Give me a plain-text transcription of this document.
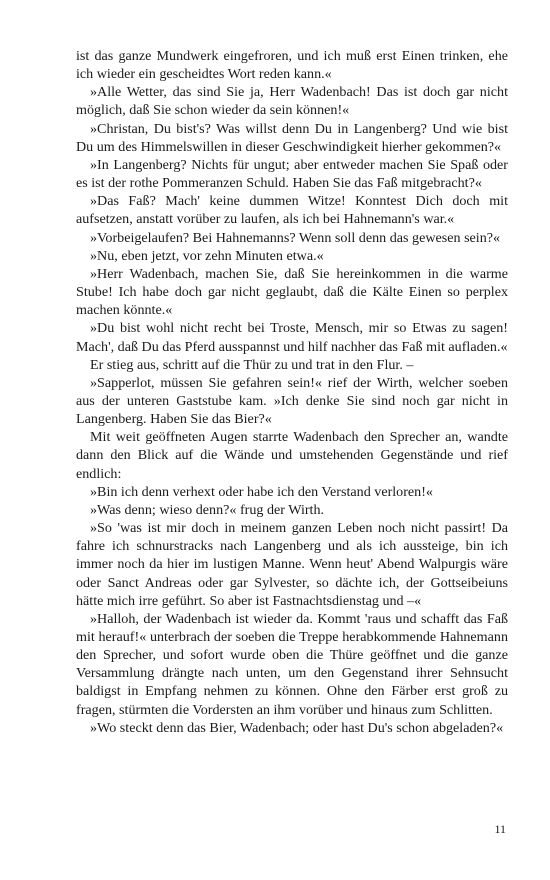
ist das ganze Mundwerk eingefroren, und ich muß erst Einen trinken, ehe ich wieder ein gescheidtes Wort reden kann.«

»Alle Wetter, das sind Sie ja, Herr Wadenbach! Das ist doch gar nicht möglich, daß Sie schon wieder da sein können!«

»Christan, Du bist's? Was willst denn Du in Langenberg? Und wie bist Du um des Himmelswillen in dieser Geschwindigkeit hierher gekommen?«

»In Langenberg? Nichts für ungut; aber entweder machen Sie Spaß oder es ist der rothe Pommeranzen Schuld. Haben Sie das Faß mitgebracht?«

»Das Faß? Mach' keine dummen Witze! Konntest Dich doch mit aufsetzen, anstatt vorüber zu laufen, als ich bei Hahnemann's war.«

»Vorbeigelaufen? Bei Hahnemanns? Wenn soll denn das gewesen sein?«

»Nu, eben jetzt, vor zehn Minuten etwa.«

»Herr Wadenbach, machen Sie, daß Sie hereinkommen in die warme Stube! Ich habe doch gar nicht geglaubt, daß die Kälte Einen so perplex machen könnte.«

»Du bist wohl nicht recht bei Troste, Mensch, mir so Etwas zu sagen! Mach', daß Du das Pferd ausspannst und hilf nachher das Faß mit aufladen.«

Er stieg aus, schritt auf die Thür zu und trat in den Flur. –

»Sapperlot, müssen Sie gefahren sein!« rief der Wirth, welcher soeben aus der unteren Gaststube kam. »Ich denke Sie sind noch gar nicht in Langenberg. Haben Sie das Bier?«

Mit weit geöffneten Augen starrte Wadenbach den Sprecher an, wandte dann den Blick auf die Wände und umstehenden Gegenstände und rief endlich:

»Bin ich denn verhext oder habe ich den Verstand verloren!«

»Was denn; wieso denn?« frug der Wirth.

»So 'was ist mir doch in meinem ganzen Leben noch nicht passirt! Da fahre ich schnurstracks nach Langenberg und als ich aussteige, bin ich immer noch da hier im lustigen Manne. Wenn heut' Abend Walpurgis wäre oder Sanct Andreas oder gar Sylvester, so dächte ich, der Gottseibeiuns hätte mich irre geführt. So aber ist Fastnachtsdienstag und –«

»Halloh, der Wadenbach ist wieder da. Kommt 'raus und schafft das Faß mit herauf!« unterbrach der soeben die Treppe herabkommende Hahnemann den Sprecher, und sofort wurde oben die Thüre geöffnet und die ganze Versammlung drängte nach unten, um den Gegenstand ihrer Sehnsucht baldigst in Empfang nehmen zu können. Ohne den Färber erst groß zu fragen, stürmten die Vordersten an ihm vorüber und hinaus zum Schlitten.

»Wo steckt denn das Bier, Wadenbach; oder hast Du's schon abgeladen?«

11
